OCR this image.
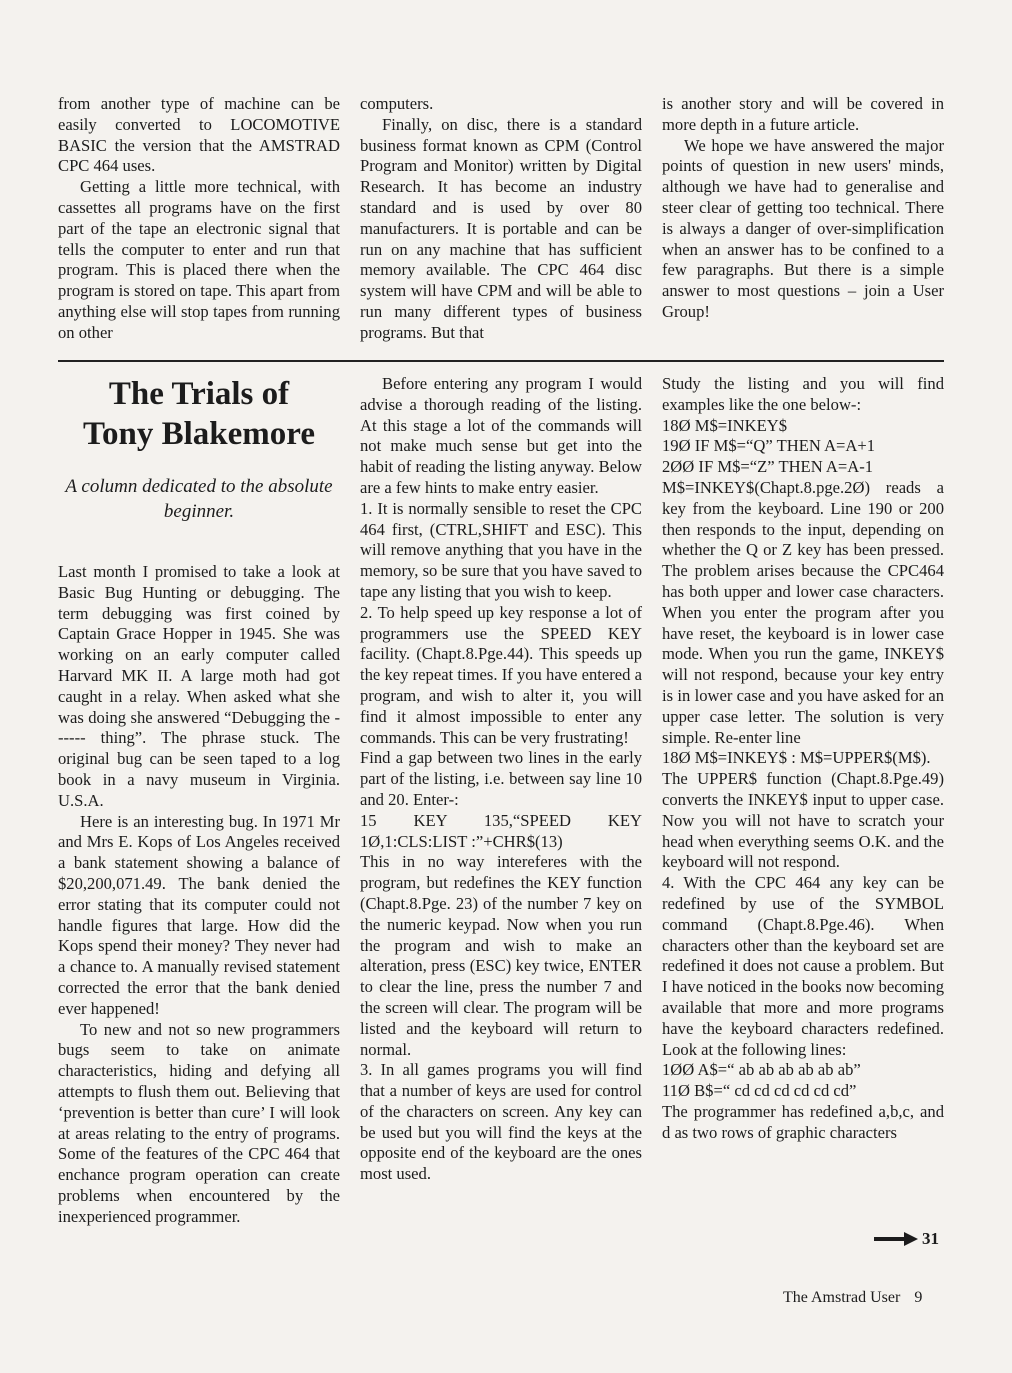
from another type of machine can be easily converted to LOCOMOTIVE BASIC the version that the AMSTRAD CPC 464 uses.

Getting a little more technical, with cassettes all programs have on the first part of the tape an electronic signal that tells the computer to enter and run that program. This is placed there when the program is stored on tape. This apart from anything else will stop tapes from running on other

computers.

Finally, on disc, there is a standard business format known as CPM (Control Program and Monitor) written by Digital Research. It has become an industry standard and is used by over 80 manufacturers. It is portable and can be run on any machine that has sufficient memory available. The CPC 464 disc system will have CPM and will be able to run many different types of business programs. But that

is another story and will be covered in more depth in a future article.

We hope we have answered the major points of question in new users' minds, although we have had to generalise and steer clear of getting too technical. There is always a danger of over-simplification when an answer has to be confined to a few paragraphs. But there is a simple answer to most questions – join a User Group!

The Trials of
Tony Blakemore
A column dedicated to the absolute beginner.

Last month I promised to take a look at Basic Bug Hunting or debugging. The term debugging was first coined by Captain Grace Hopper in 1945. She was working on an early computer called Harvard MK II. A large moth had got caught in a relay. When asked what she was doing she answered “Debugging the ------ thing”. The phrase stuck. The original bug can be seen taped to a log book in a navy museum in Virginia. U.S.A.

Here is an interesting bug. In 1971 Mr and Mrs E. Kops of Los Angeles received a bank statement showing a balance of $20,200,071.49. The bank denied the error stating that its computer could not handle figures that large. How did the Kops spend their money? They never had a chance to. A manually revised statement corrected the error that the bank denied ever happened!

To new and not so new programmers bugs seem to take on animate characteristics, hiding and defying all attempts to flush them out. Believing that ‘prevention is better than cure’ I will look at areas relating to the entry of programs. Some of the features of the CPC 464 that enchance program operation can create problems when encountered by the inexperienced programmer.

Before entering any program I would advise a thorough reading of the listing. At this stage a lot of the commands will not make much sense but get into the habit of reading the listing anyway. Below are a few hints to make entry easier.

1. It is normally sensible to reset the CPC 464 first, (CTRL,SHIFT and ESC). This will remove anything that you have in the memory, so be sure that you have saved to tape any listing that you wish to keep.

2. To help speed up key response a lot of programmers use the SPEED KEY facility. (Chapt.8.Pge.44). This speeds up the key repeat times. If you have entered a program, and wish to alter it, you will find it almost impossible to enter any commands. This can be very frustrating!

Find a gap between two lines in the early part of the listing, i.e. between say line 10 and 20. Enter-:

15 KEY 135,“SPEED KEY 1Ø,1:CLS:LIST :”+CHR$(13)

This in no way intereferes with the program, but redefines the KEY function (Chapt.8.Pge. 23) of the number 7 key on the numeric keypad. Now when you run the program and wish to make an alteration, press (ESC) key twice, ENTER to clear the line, press the number 7 and the screen will clear. The program will be listed and the keyboard will return to normal.

3. In all games programs you will find that a number of keys are used for control of the characters on screen. Any key can be used but you will find the keys at the opposite end of the keyboard are the ones most used.

Study the listing and you will find examples like the one below-:

18Ø M$=INKEY$

19Ø IF M$=“Q” THEN A=A+1

2ØØ IF M$=“Z” THEN A=A-1

M$=INKEY$(Chapt.8.pge.2Ø) reads a key from the keyboard. Line 190 or 200 then responds to the input, depending on whether the Q or Z key has been pressed. The problem arises because the CPC464 has both upper and lower case characters. When you enter the program after you have reset, the keyboard is in lower case mode. When you run the game, INKEY$ will not respond, because your key entry is in lower case and you have asked for an upper case letter. The solution is very simple. Re-enter line

18Ø M$=INKEY$ : M$=UPPER$(M$).

The UPPER$ function (Chapt.8.Pge.49) converts the INKEY$ input to upper case. Now you will not have to scratch your head when everything seems O.K. and the keyboard will not respond.

4. With the CPC 464 any key can be redefined by use of the SYMBOL command (Chapt.8.Pge.46). When characters other than the keyboard set are redefined it does not cause a problem. But I have noticed in the books now becoming available that more and more programs have the keyboard characters redefined. Look at the following lines:

1ØØ A$=“ ab ab ab ab ab ab”

11Ø B$=“ cd cd cd cd cd cd”

The programmer has redefined a,b,c, and d as two rows of graphic characters

31
The Amstrad User 9
